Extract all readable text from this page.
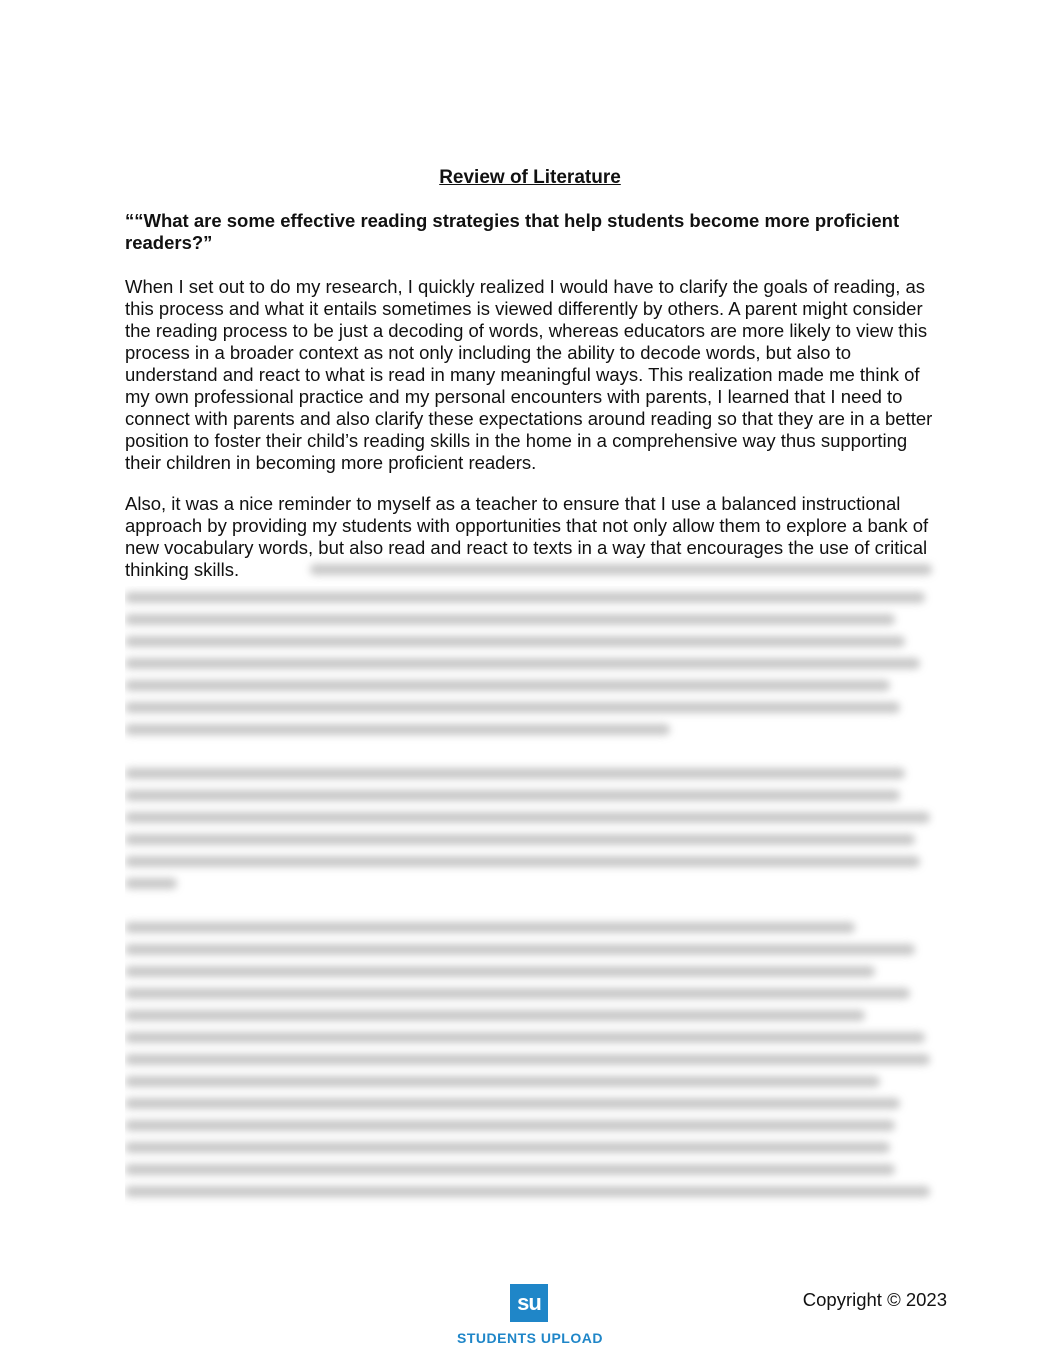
Review of Literature
““What are some effective reading strategies that help students become more proficient readers?”

When I set out to do my research, I quickly realized I would have to clarify the goals of reading, as this process and what it entails sometimes is viewed differently by others. A parent might consider the reading process to be just a decoding of words, whereas educators are more likely to view this process in a broader context as not only including the ability to decode words, but also to understand and react to what is read in many meaningful ways. This realization made me think of my own professional practice and my personal encounters with parents, I learned that I need to connect with parents and also clarify these expectations around reading so that they are in a better position to foster their child’s reading skills in the home in a comprehensive way thus supporting their children in becoming more proficient readers.

Also, it was a nice reminder to myself as a teacher to ensure that I use a balanced instructional approach by providing my students with opportunities that not only allow them to explore a bank of new vocabulary words, but also read and react to texts in a way that encourages the use of critical thinking skills.

su
STUDENTS UPLOAD
Copyright © 2023
